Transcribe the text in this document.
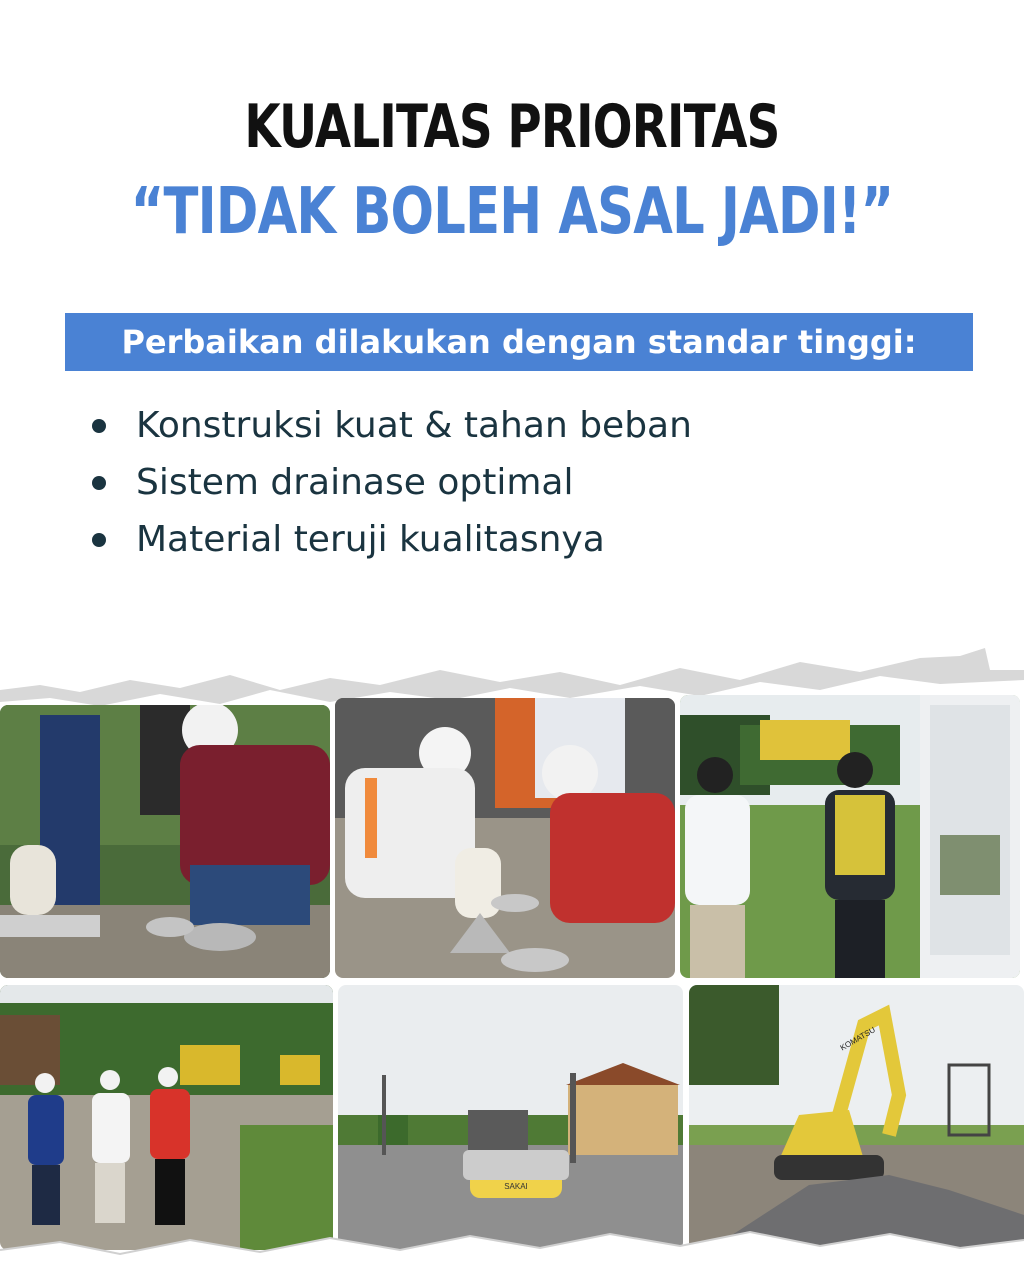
KUALITAS PRIORITAS
“TIDAK BOLEH ASAL JADI!”
Perbaikan dilakukan dengan standar tinggi:
Konstruksi kuat & tahan beban
Sistem drainase optimal
Material teruji kualitasnya
SAKAI
KOMATSU
